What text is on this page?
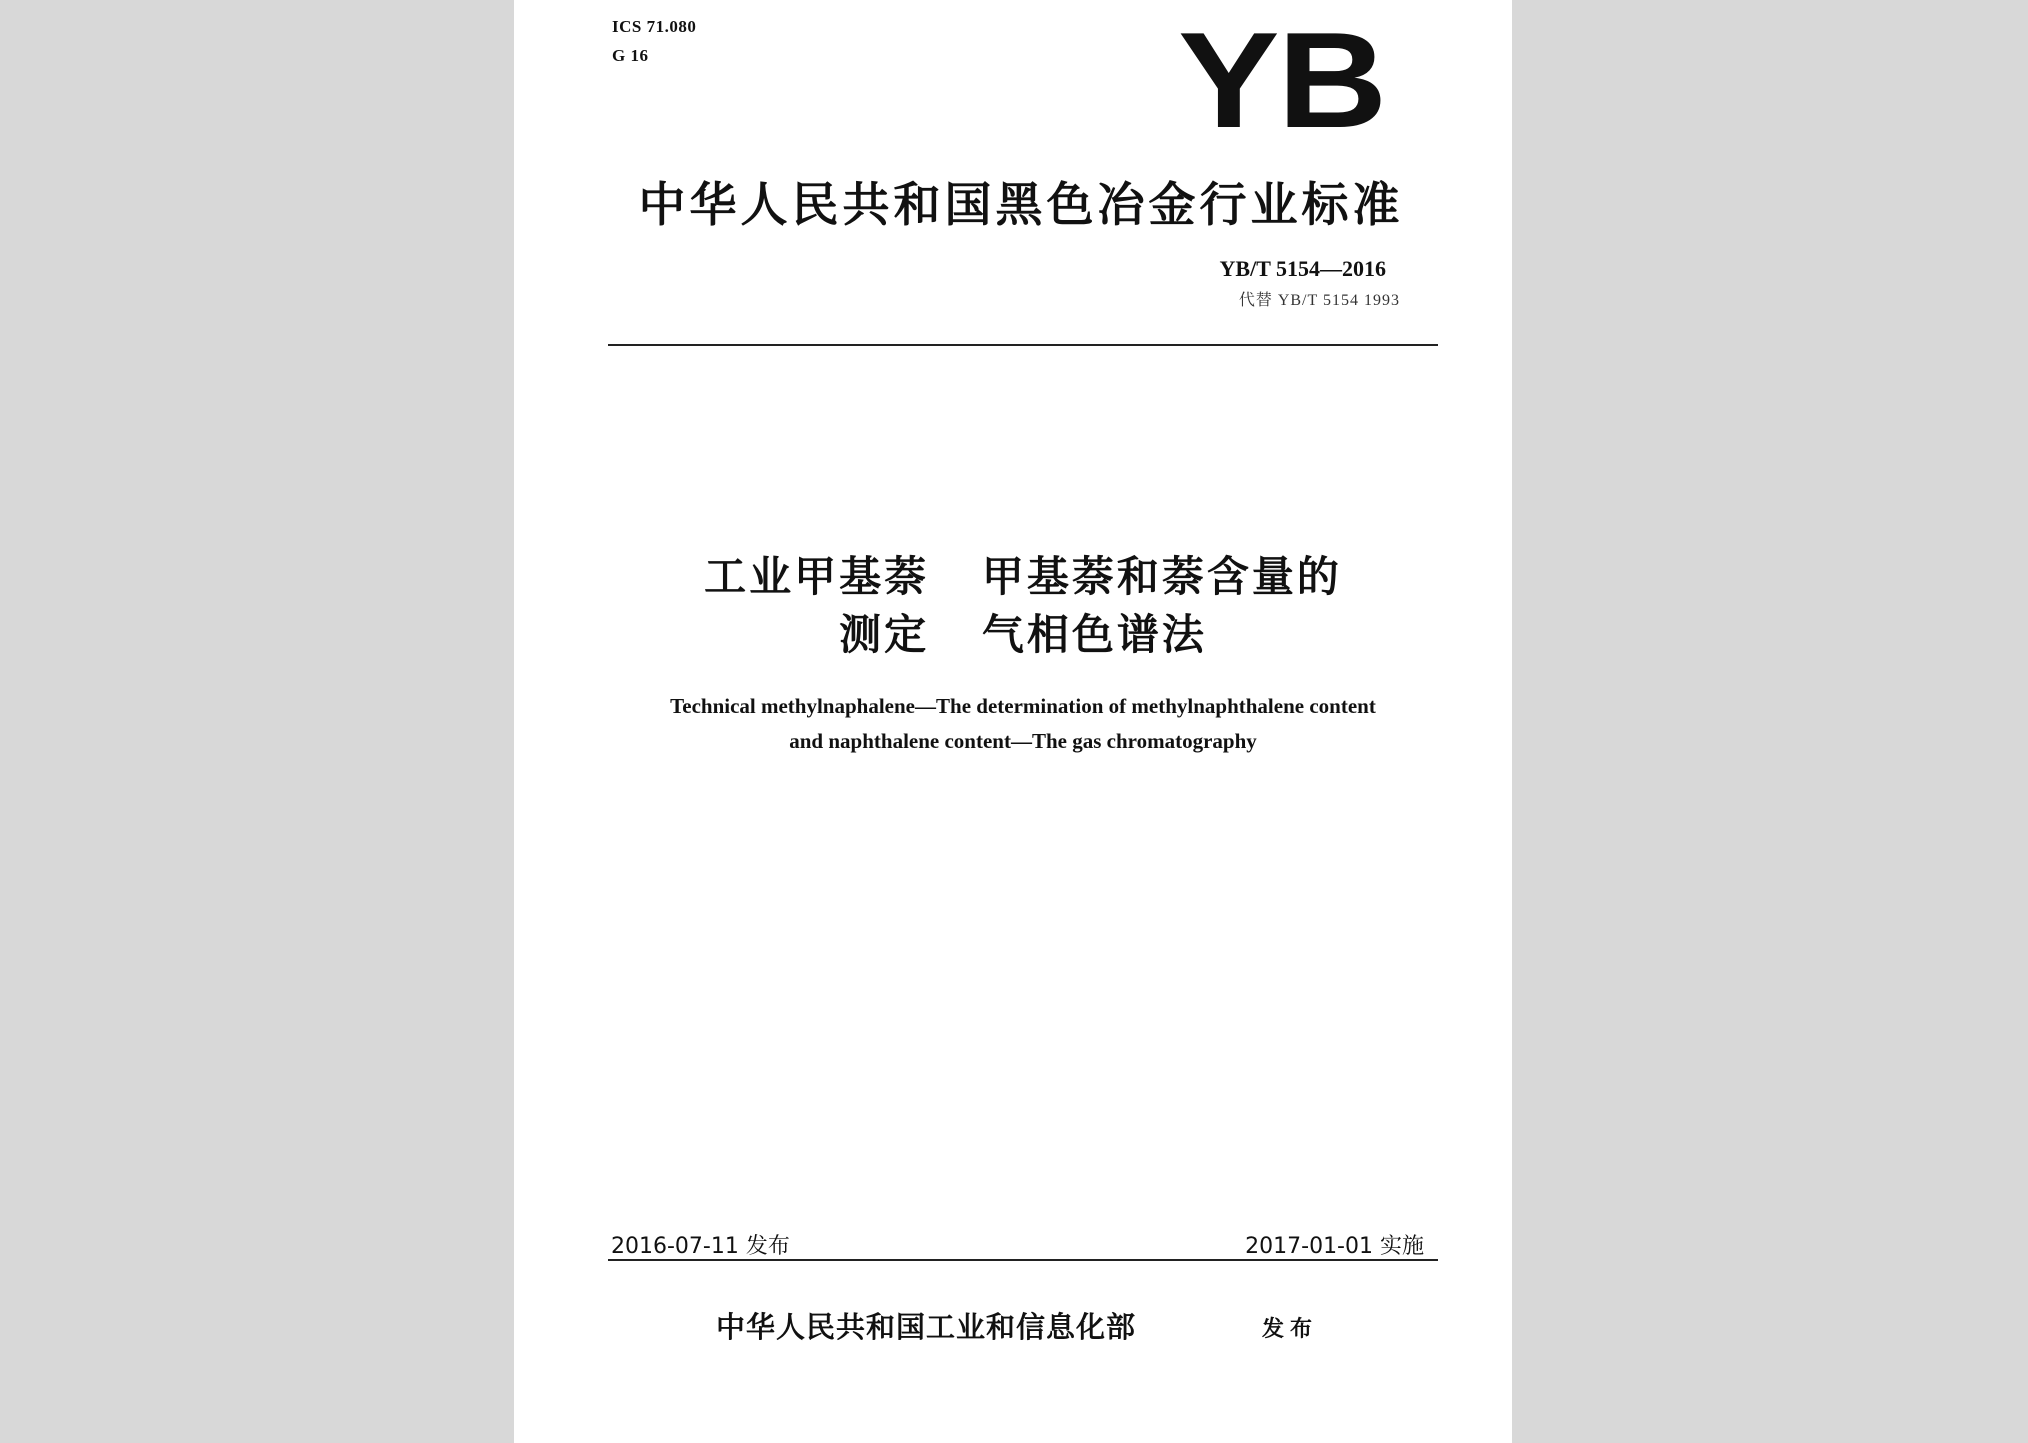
ICS 71.080
G 16	YB
中华人民共和国黑色冶金行业标准
YB/T 5154—2016
代替 YB/T 5154 1993
工业甲基萘   甲基萘和萘含量的
测定   气相色谱法
Technical methylnaphalene—The determination of methylnaphthalene content
and naphthalene content—The gas chromatography
2016-07-11 发布	2017-01-01 实施
中华人民共和国工业和信息化部	发布
